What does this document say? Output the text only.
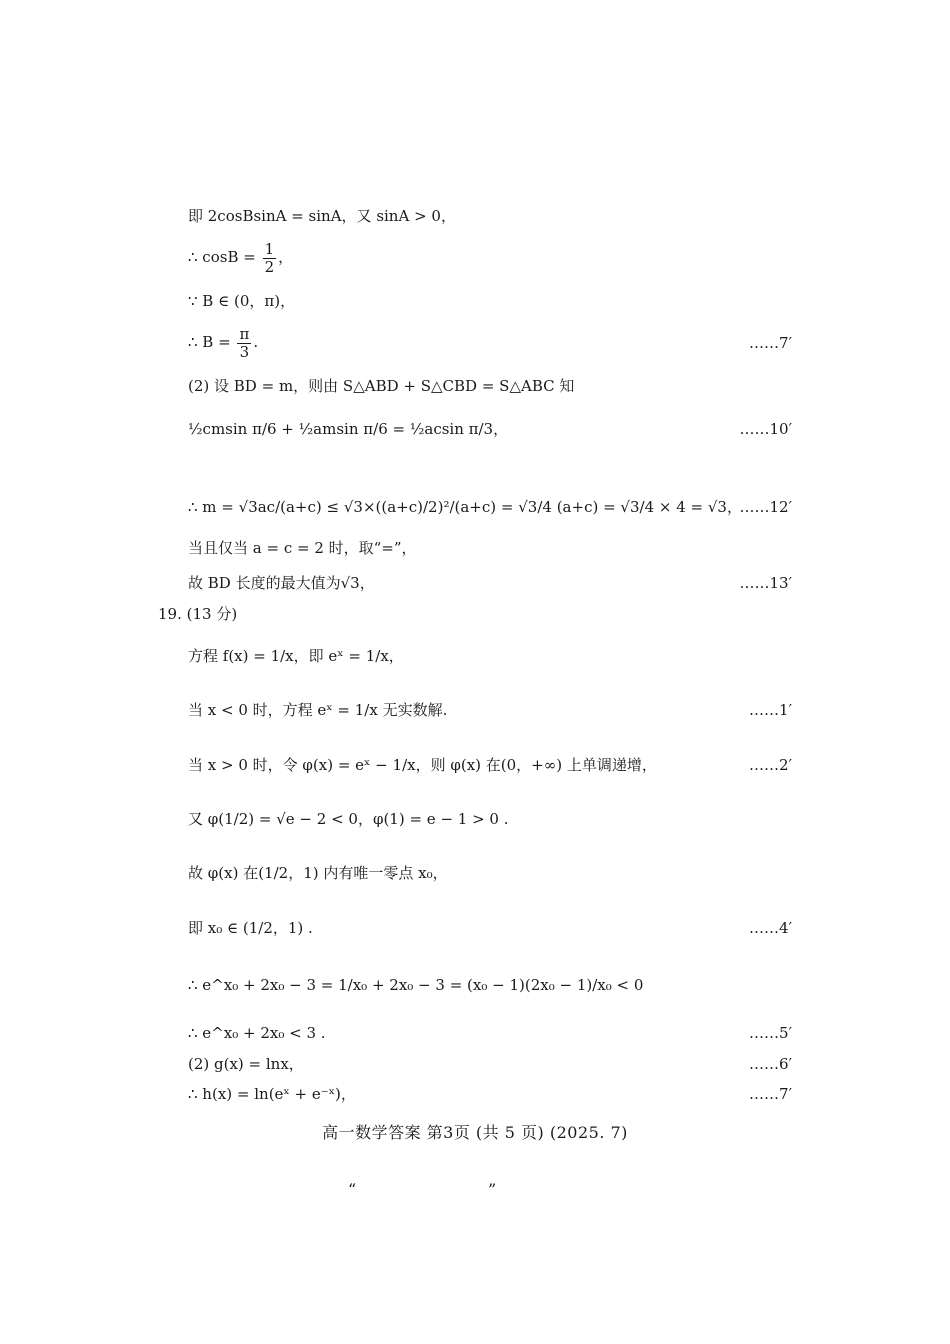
即 2cosBsinA = sinA，又 sinA > 0，
∴ $\cos B = \frac{1}{2}$ ，
∵ B ∈ (0，π)，
∴ $B = \frac{\pi}{3}$ .	……7′
(2) 设 BD = m，则由 S△ABD + S△CBD = S△ABC 知
½cmsin π/6 + ½amsin π/6 = ½acsin π/3，	……10′
∴ m = √3ac/(a+c) ≤ √3×((a+c)/2)²/(a+c) = √3/4 (a+c) = √3/4 × 4 = √3，
……12′
当且仅当 a = c = 2 时，取“=”，
故 BD 长度的最大值为√3，	……13′
19. (13 分)
方程 f(x) = 1/x，即 eˣ = 1/x，
当 x < 0 时，方程 eˣ = 1/x 无实数解.	……1′
当 x > 0 时，令 φ(x) = eˣ − 1/x，则 φ(x) 在(0，+∞) 上单调递增，	……2′
又 φ(1/2) = √e − 2 < 0，φ(1) = e − 1 > 0 .
故 φ(x) 在(1/2，1) 内有唯一零点 x₀，
即 x₀ ∈ (1/2，1) .	……4′
∴ e^x₀ + 2x₀ − 3 = 1/x₀ + 2x₀ − 3 = (x₀ − 1)(2x₀ − 1)/x₀ < 0
∴ e^x₀ + 2x₀ < 3 .	……5′
(2) g(x) = lnx，	……6′
∴ h(x) = ln(eˣ + e⁻ˣ)，	……7′
高一数学答案 第3页 (共 5 页) (2025. 7)
“	”
